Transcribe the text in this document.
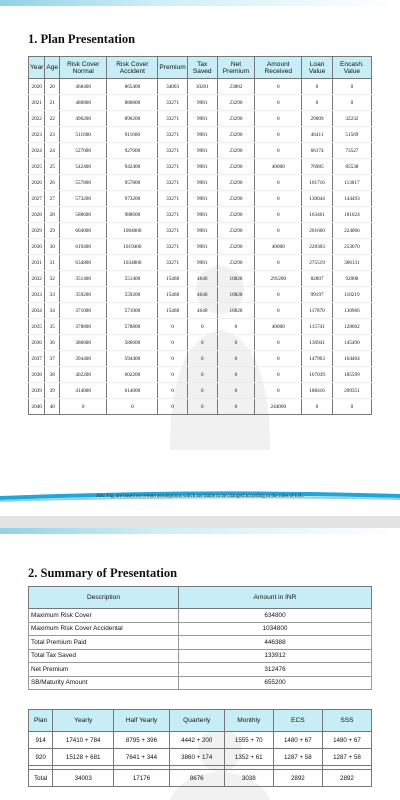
1. Plan Presentation
Year	Age	Risk Cover Normal	Risk Cover Accident	Premium	Tax Saved	Net Premium	Amount Received	Loan Value	Encash. Value
2020	20	468400	865400	34003	10201	23802	0	0	0
2021	21	480800	880800	33271	9981	23290	0	0	0
2022	22	496200	896200	33271	9981	23290	0	29009	32232
2023	23	511600	911600	33271	9981	23290	0	46411	51569
2024	24	527000	927000	33271	9981	23290	0	66174	73527
2025	25	542400	942400	33271	9981	23290	40000	76985	85538
2026	26	557800	957800	33271	9981	23290	0	101716	113017
2027	27	573200	973200	33271	9981	23290	0	130044	144493
2028	28	588600	988600	33271	9981	23290	0	163461	181624
2029	29	604000	1004000	33271	9981	23290	0	201660	224066
2030	30	619400	1019400	33271	9981	23290	40000	228303	253670
2031	31	634800	1034800	33271	9981	23290	0	275519	306131
2032	32	351400	551400	15468	4640	10828	291200	82807	92008
2033	33	359200	559200	15468	4640	10828	0	99197	110219
2034	34	371000	571000	15468	4640	10828	0	117870	130966
2035	35	378800	578800	0	0	0	40000	115741	128602
2036	36	386600	586600	0	0	0	0	130941	145490
2037	37	394400	594400	0	0	0	0	147963	164404
2038	38	402200	602200	0	0	0	0	167039	185599
2039	39	414000	614000	0	0	0	0	188416	209351
2040	40	0	0	0	0	0	244000	0	0
Abv. Fig. are based on certain assumptions which are liable to be changed according to the rules of LIC.
2. Summary of Presentation
Description	Amount in INR
Maximum Risk Cover	634800
Maximum Risk Cover Accidental	1034800
Total Premium Paid	446388
Total Tax Saved	133912
Net Premium	312476
SB/Maturity Amount	655200
Plan	Yearly	Half Yearly	Quarterly	Monthly	ECS	SSS
914	17410 + 784	8795 + 396	4442 + 200	1555 + 70	1480 + 67	1480 + 67
920	15128 + 681	7641 + 344	3860 + 174	1352 + 61	1287 + 58	1287 + 58

Total	34003	17176	8676	3038	2892	2892
